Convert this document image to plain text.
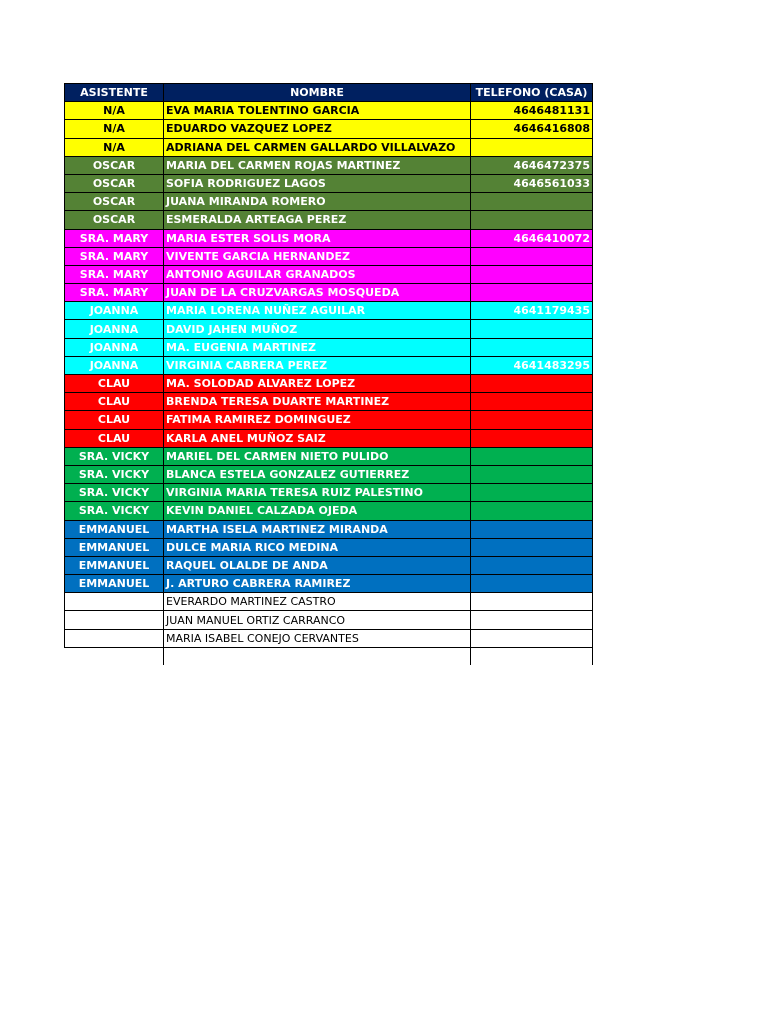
ASISTENTE	NOMBRE	TELEFONO (CASA)
N/A	EVA MARIA TOLENTINO GARCIA	4646481131
N/A	EDUARDO VAZQUEZ LOPEZ	4646416808
N/A	ADRIANA DEL CARMEN GALLARDO VILLALVAZO	
OSCAR	MARIA DEL CARMEN ROJAS MARTINEZ	4646472375
OSCAR	SOFIA RODRIGUEZ LAGOS	4646561033
OSCAR	JUANA MIRANDA ROMERO	
OSCAR	ESMERALDA ARTEAGA PEREZ	
SRA. MARY	MARIA ESTER SOLIS MORA	4646410072
SRA. MARY	VIVENTE GARCIA HERNANDEZ	
SRA. MARY	ANTONIO AGUILAR GRANADOS	
SRA. MARY	JUAN DE LA CRUZVARGAS MOSQUEDA	
JOANNA	MARIA LORENA NUÑEZ AGUILAR	4641179435
JOANNA	DAVID JAHEN MUÑOZ	
JOANNA	MA. EUGENIA MARTINEZ	
JOANNA	VIRGINIA CABRERA PEREZ	4641483295
CLAU	MA. SOLODAD ALVAREZ LOPEZ	
CLAU	BRENDA TERESA DUARTE MARTINEZ	
CLAU	FATIMA RAMIREZ DOMINGUEZ	
CLAU	KARLA ANEL MUÑOZ SAIZ	
SRA. VICKY	MARIEL DEL CARMEN NIETO PULIDO	
SRA. VICKY	BLANCA ESTELA GONZALEZ GUTIERREZ	
SRA. VICKY	VIRGINIA MARIA TERESA RUIZ PALESTINO	
SRA. VICKY	KEVIN DANIEL CALZADA OJEDA	
EMMANUEL	MARTHA ISELA MARTINEZ MIRANDA	
EMMANUEL	DULCE MARIA RICO MEDINA	
EMMANUEL	RAQUEL OLALDE DE ANDA	
EMMANUEL	J. ARTURO CABRERA RAMIREZ	
	EVERARDO MARTINEZ CASTRO	
	JUAN MANUEL ORTIZ CARRANCO	
	MARIA ISABEL CONEJO CERVANTES	
